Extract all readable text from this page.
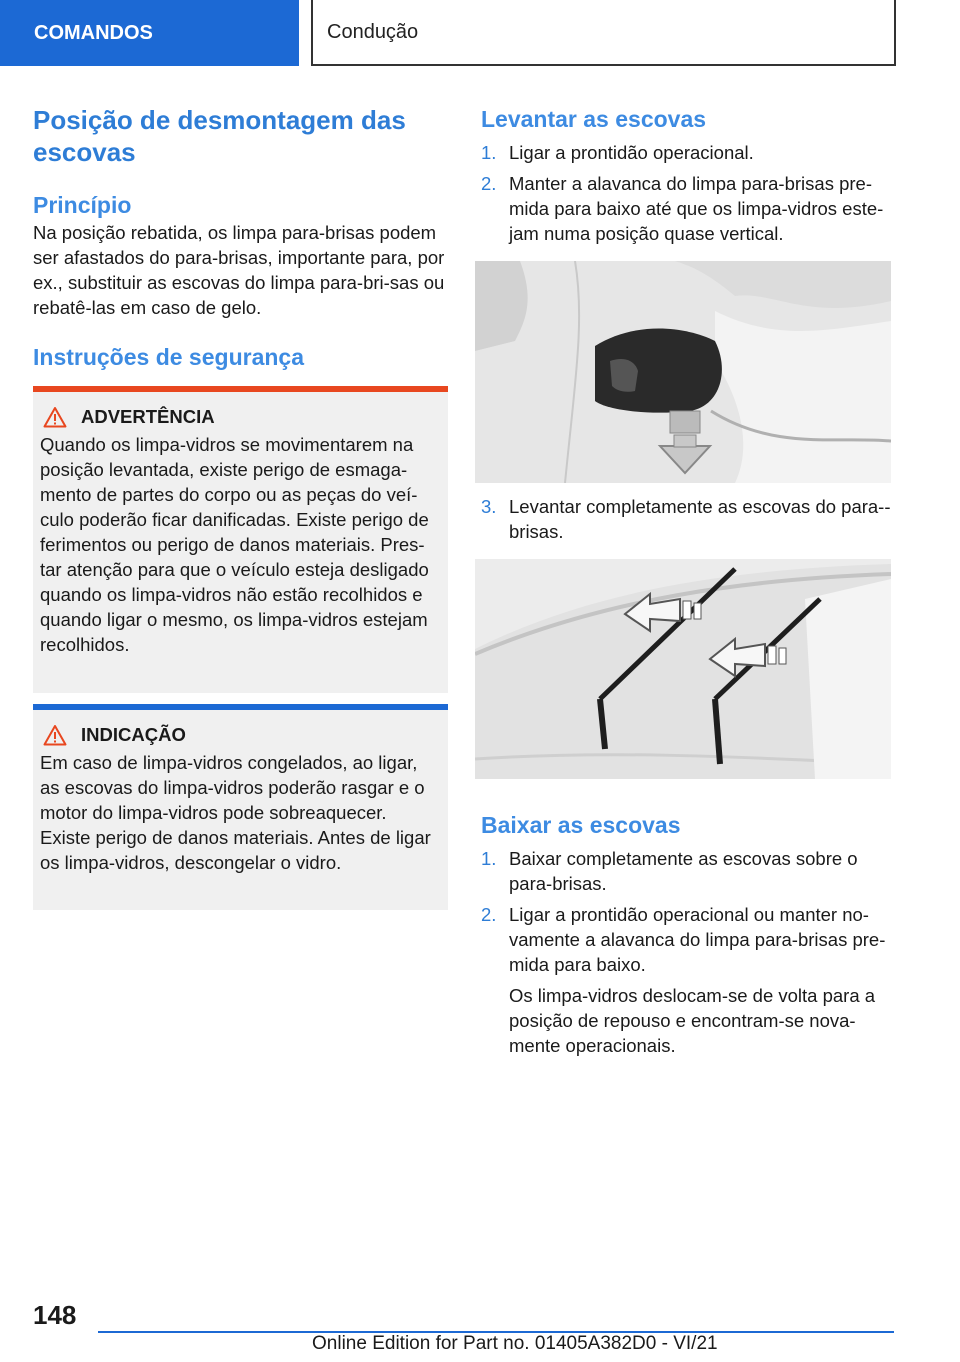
COMANDOS	Condução
Posição de desmontagem das escovas
Princípio

Na posição rebatida, os limpa para-brisas podem ser afastados do para-brisas, importante para, por ex., substituir as escovas do limpa para-bri-sas ou rebatê-las em caso de gelo.

Instruções de segurança
ADVERTÊNCIA

Quando os limpa-vidros se movimentarem na posição levantada, existe perigo de esmaga-mento de partes do corpo ou as peças do veí-culo poderão ficar danificadas. Existe perigo de ferimentos ou perigo de danos materiais. Pres-tar atenção para que o veículo esteja desligado quando os limpa-vidros não estão recolhidos e quando ligar o mesmo, os limpa-vidros estejam recolhidos.

INDICAÇÃO

Em caso de limpa-vidros congelados, ao ligar, as escovas do limpa-vidros poderão rasgar e o motor do limpa-vidros pode sobreaquecer. Existe perigo de danos materiais. Antes de ligar os limpa-vidros, descongelar o vidro.

Levantar as escovas
1. Ligar a prontidão operacional.
2. Manter a alavanca do limpa para-brisas pre-mida para baixo até que os limpa-vidros este-jam numa posição quase vertical.
3. Levantar completamente as escovas do para--brisas.
Baixar as escovas
1. Baixar completamente as escovas sobre o para-brisas.
2. Ligar a prontidão operacional ou manter no-vamente a alavanca do limpa para-brisas pre-mida para baixo.

Os limpa-vidros deslocam-se de volta para a posição de repouso e encontram-se nova-mente operacionais.

148
Online Edition for Part no. 01405A382D0 - VI/21
